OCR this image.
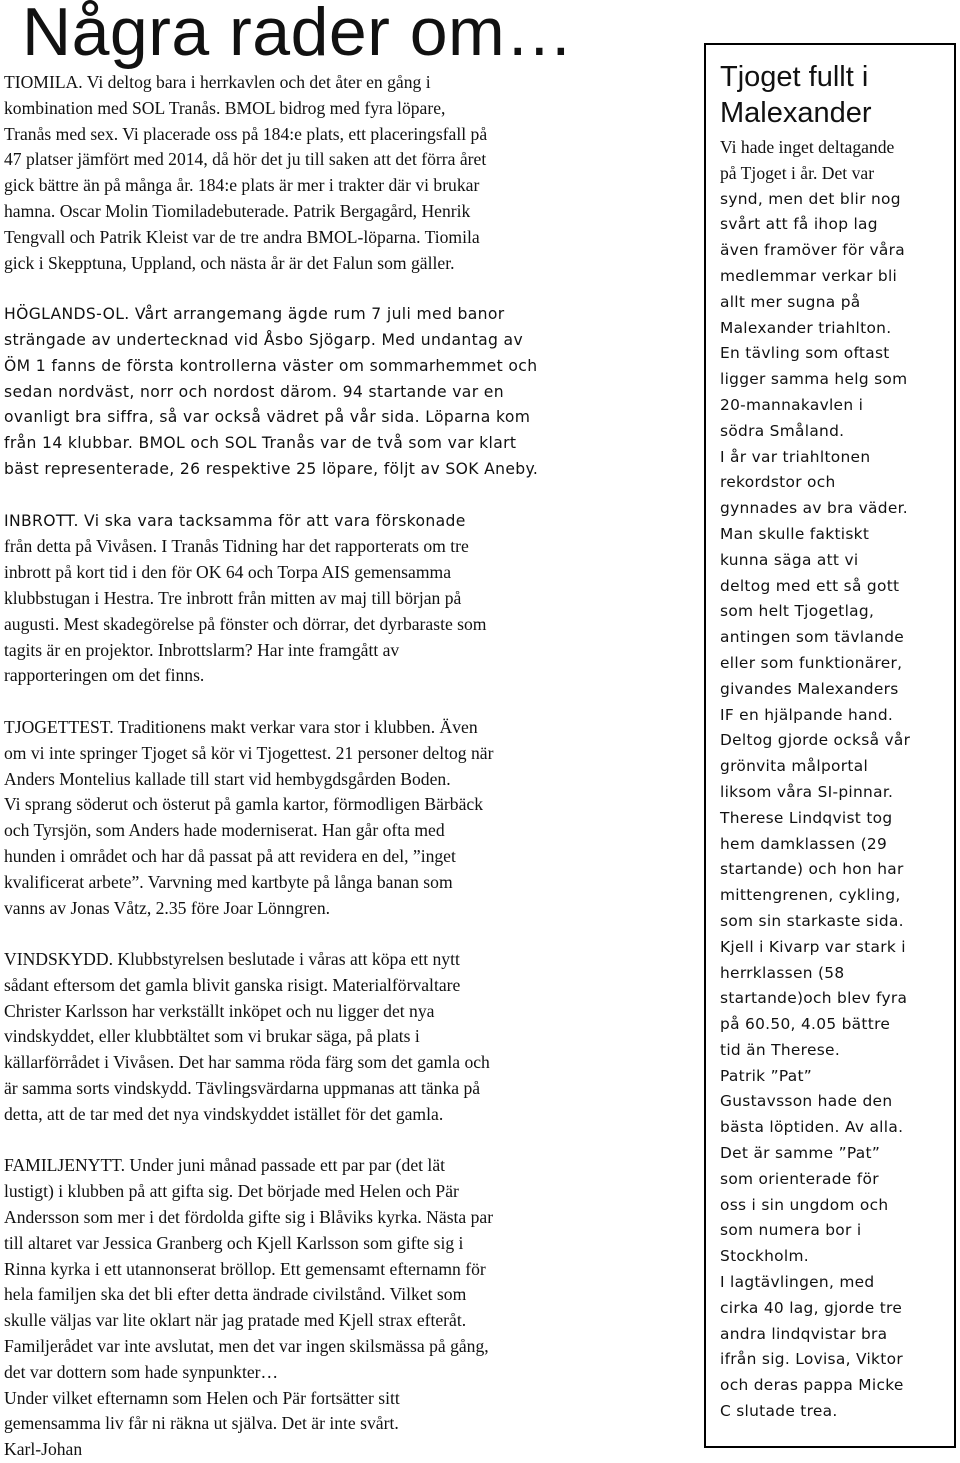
Några rader om…

TIOMILA. Vi deltog bara i herrkavlen och det åter en gång i
kombination med SOL Tranås. BMOL bidrog med fyra löpare,
Tranås med sex. Vi placerade oss på 184:e plats, ett placeringsfall på
47 platser jämfört med 2014, då hör det ju till saken att det förra året
gick bättre än på många år. 184:e plats är mer i trakter där vi brukar
hamna. Oscar Molin Tiomiladebuterade. Patrik Bergagård, Henrik
Tengvall och Patrik Kleist var de tre andra BMOL-löparna. Tiomila
gick i Skepptuna, Uppland, och nästa år är det Falun som gäller.

HÖGLANDS-OL. Vårt arrangemang ägde rum 7 juli med banor
strängade av undertecknad vid Åsbo Sjögarp. Med undantag av
ÖM 1 fanns de första kontrollerna väster om sommarhemmet och
sedan nordväst, norr och nordost därom. 94 startande var en
ovanligt bra siffra, så var också vädret på vår sida. Löparna kom
från 14 klubbar. BMOL och SOL Tranås var de två som var klart
bäst representerade, 26 respektive 25 löpare, följt av SOK Aneby.

INBROTT. Vi ska vara tacksamma för att vara förskonade
från detta på Vivåsen. I Tranås Tidning har det rapporterats om tre
inbrott på kort tid i den för OK 64 och Torpa AIS gemensamma
klubbstugan i Hestra. Tre inbrott från mitten av maj till början på
augusti. Mest skadegörelse på fönster och dörrar, det dyrbaraste som
tagits är en projektor. Inbrottslarm? Har inte framgått av
rapporteringen om det finns.

TJOGETTEST. Traditionens makt verkar vara stor i klubben. Även
om vi inte springer Tjoget så kör vi Tjogettest. 21 personer deltog när
Anders Montelius kallade till start vid hembygdsgården Boden.
Vi sprang söderut och österut på gamla kartor, förmodligen Bärbäck
och Tyrsjön, som Anders hade moderniserat. Han går ofta med
hunden i området och har då passat på att revidera en del, ”inget
kvalificerat arbete”. Varvning med kartbyte på långa banan som
vanns av Jonas Våtz, 2.35 före Joar Lönngren.

VINDSKYDD. Klubbstyrelsen beslutade i våras att köpa ett nytt
sådant eftersom det gamla blivit ganska risigt. Materialförvaltare
Christer Karlsson har verkställt inköpet och nu ligger det nya
vindskyddet, eller klubbtältet som vi brukar säga, på plats i
källarförrådet i Vivåsen. Det har samma röda färg som det gamla och
är samma sorts vindskydd. Tävlingsvärdarna uppmanas att tänka på
detta, att de tar med det nya vindskyddet istället för det gamla.

FAMILJENYTT. Under juni månad passade ett par par (det lät
lustigt) i klubben på att gifta sig. Det började med Helen och Pär
Andersson som mer i det fördolda gifte sig i Blåviks kyrka. Nästa par
till altaret var Jessica Granberg och Kjell Karlsson som gifte sig i
Rinna kyrka i ett utannonserat bröllop. Ett gemensamt efternamn för
hela familjen ska det bli efter detta ändrade civilstånd. Vilket som
skulle väljas var lite oklart när jag pratade med Kjell strax efteråt.
Familjerådet var inte avslutat, men det var ingen skilsmässa på gång,
det var dottern som hade synpunkter…
Under vilket efternamn som Helen och Pär fortsätter sitt
gemensamma liv får ni räkna ut själva. Det är inte svårt.

Karl-Johan

Tjoget fullt i
Malexander

Vi hade inget deltagande
på Tjoget i år. Det var

synd, men det blir nog
svårt att få ihop lag
även framöver för våra
medlemmar verkar bli
allt mer sugna på
Malexander triahlton.
En tävling som oftast
ligger samma helg som
20-mannakavlen i
södra Småland.
I år var triahltonen
rekordstor och
gynnades av bra väder.
Man skulle faktiskt
kunna säga att vi
deltog med ett så gott
som helt Tjogetlag,
antingen som tävlande
eller som funktionärer,
givandes Malexanders
IF en hjälpande hand.
Deltog gjorde också vår
grönvita målportal
liksom våra SI-pinnar.
Therese Lindqvist tog
hem damklassen (29
startande) och hon har
mittengrenen, cykling,
som sin starkaste sida.
Kjell i Kivarp var stark i
herrklassen (58
startande)och blev fyra
på 60.50, 4.05 bättre
tid än Therese.
Patrik ”Pat”
Gustavsson hade den
bästa löptiden. Av alla.
Det är samme ”Pat”
som orienterade för
oss i sin ungdom och
som numera bor i
Stockholm.
I lagtävlingen, med
cirka 40 lag, gjorde tre
andra lindqvistar bra
ifrån sig. Lovisa, Viktor
och deras pappa Micke
C slutade trea.
